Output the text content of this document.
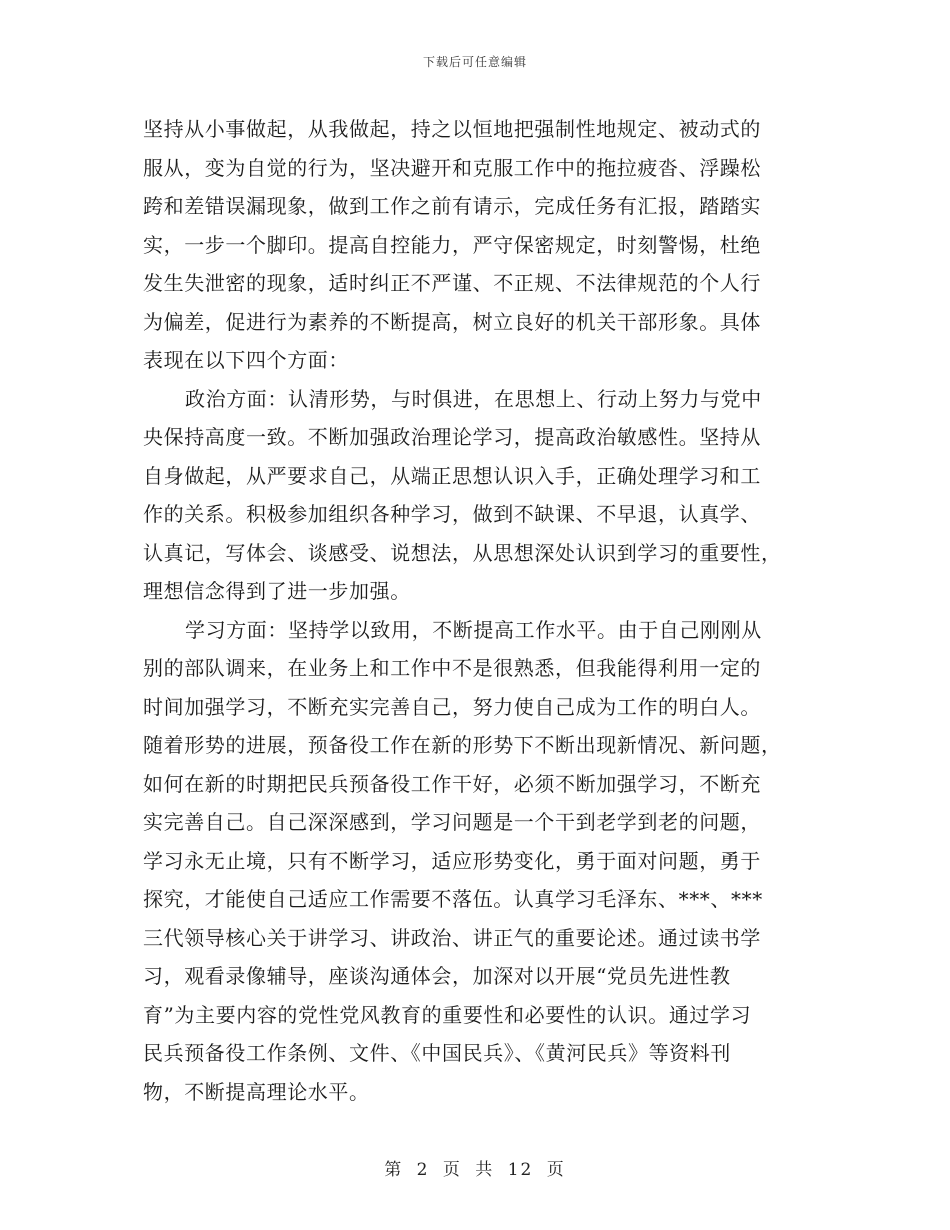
下载后可任意编辑
坚持从小事做起，从我做起，持之以恒地把强制性地规定、被动式的
服从，变为自觉的行为，坚决避开和克服工作中的拖拉疲沓、浮躁松
跨和差错误漏现象，做到工作之前有请示，完成任务有汇报，踏踏实
实，一步一个脚印。提高自控能力，严守保密规定，时刻警惕，杜绝
发生失泄密的现象，适时纠正不严谨、不正规、不法律规范的个人行
为偏差，促进行为素养的不断提高，树立良好的机关干部形象。具体
表现在以下四个方面：
政治方面：认清形势，与时俱进，在思想上、行动上努力与党中
央保持高度一致。不断加强政治理论学习，提高政治敏感性。坚持从
自身做起，从严要求自己，从端正思想认识入手，正确处理学习和工
作的关系。积极参加组织各种学习，做到不缺课、不早退，认真学、
认真记，写体会、谈感受、说想法，从思想深处认识到学习的重要性，
理想信念得到了进一步加强。
学习方面：坚持学以致用，不断提高工作水平。由于自己刚刚从
别的部队调来，在业务上和工作中不是很熟悉，但我能得利用一定的
时间加强学习，不断充实完善自己，努力使自己成为工作的明白人。
随着形势的进展，预备役工作在新的形势下不断出现新情况、新问题，
如何在新的时期把民兵预备役工作干好，必须不断加强学习，不断充
实完善自己。自己深深感到，学习问题是一个干到老学到老的问题，
学习永无止境，只有不断学习，适应形势变化，勇于面对问题，勇于
探究，才能使自己适应工作需要不落伍。认真学习毛泽东、***、***
三代领导核心关于讲学习、讲政治、讲正气的重要论述。通过读书学
习，观看录像辅导，座谈沟通体会，加深对以开展“党员先进性教
育”为主要内容的党性党风教育的重要性和必要性的认识。通过学习
民兵预备役工作条例、文件、《中国民兵》、《黄河民兵》等资料刊
物，不断提高理论水平。
第 2 页 共 12 页
